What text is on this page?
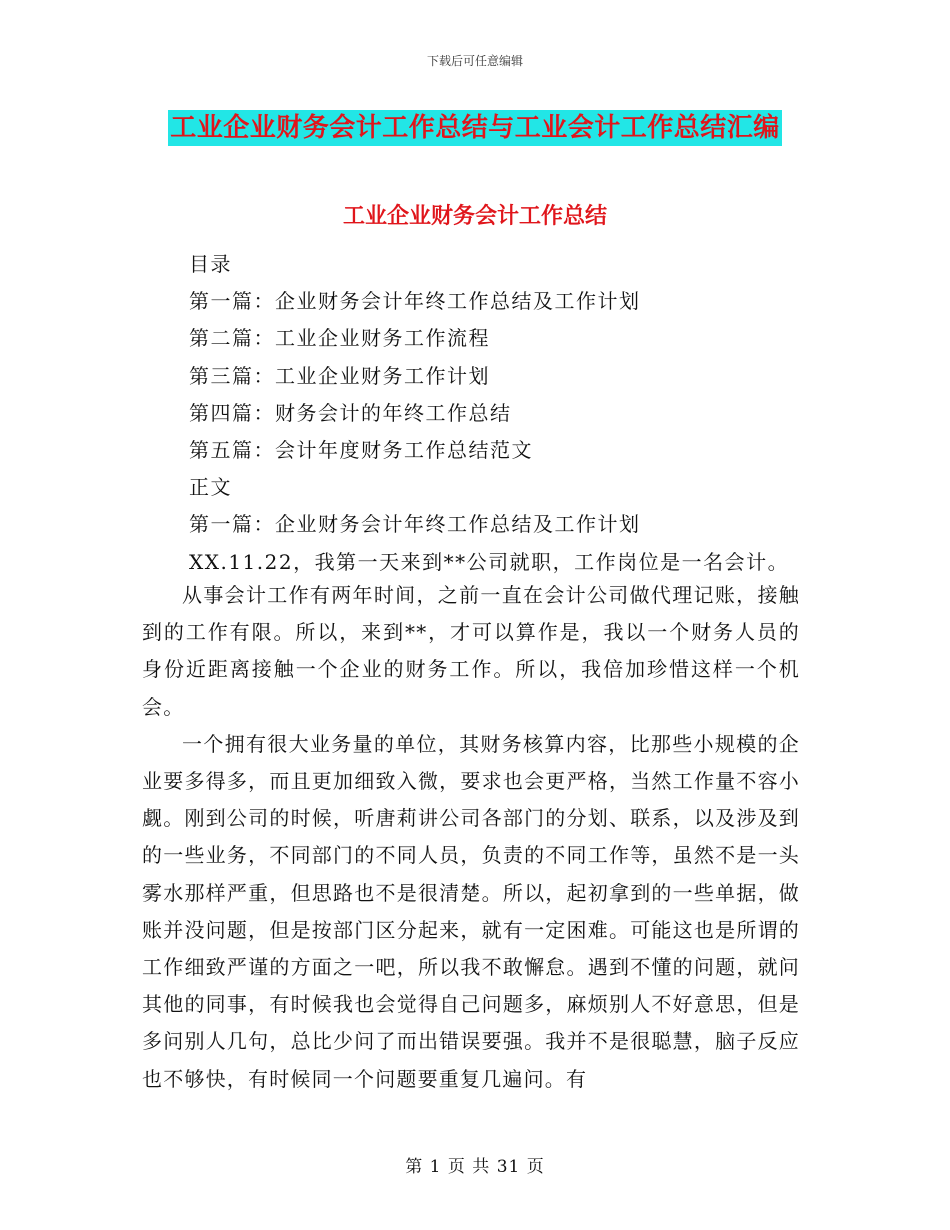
下载后可任意编辑
工业企业财务会计工作总结与工业会计工作总结汇编
工业企业财务会计工作总结
目录
第一篇：企业财务会计年终工作总结及工作计划
第二篇：工业企业财务工作流程
第三篇：工业企业财务工作计划
第四篇：财务会计的年终工作总结
第五篇：会计年度财务工作总结范文
正文
第一篇：企业财务会计年终工作总结及工作计划
XX.11.22，我第一天来到**公司就职，工作岗位是一名会计。

从事会计工作有两年时间，之前一直在会计公司做代理记账，接触到的工作有限。所以，来到**，才可以算作是，我以一个财务人员的身份近距离接触一个企业的财务工作。所以，我倍加珍惜这样一个机会。

一个拥有很大业务量的单位，其财务核算内容，比那些小规模的企业要多得多，而且更加细致入微，要求也会更严格，当然工作量不容小觑。刚到公司的时候，听唐莉讲公司各部门的分划、联系，以及涉及到的一些业务，不同部门的不同人员，负责的不同工作等，虽然不是一头雾水那样严重，但思路也不是很清楚。所以，起初拿到的一些单据，做账并没问题，但是按部门区分起来，就有一定困难。可能这也是所谓的工作细致严谨的方面之一吧，所以我不敢懈怠。遇到不懂的问题，就问其他的同事，有时候我也会觉得自己问题多，麻烦别人不好意思，但是多问别人几句，总比少问了而出错误要强。我并不是很聪慧，脑子反应也不够快，有时候同一个问题要重复几遍问。有

第 1 页 共 31 页
